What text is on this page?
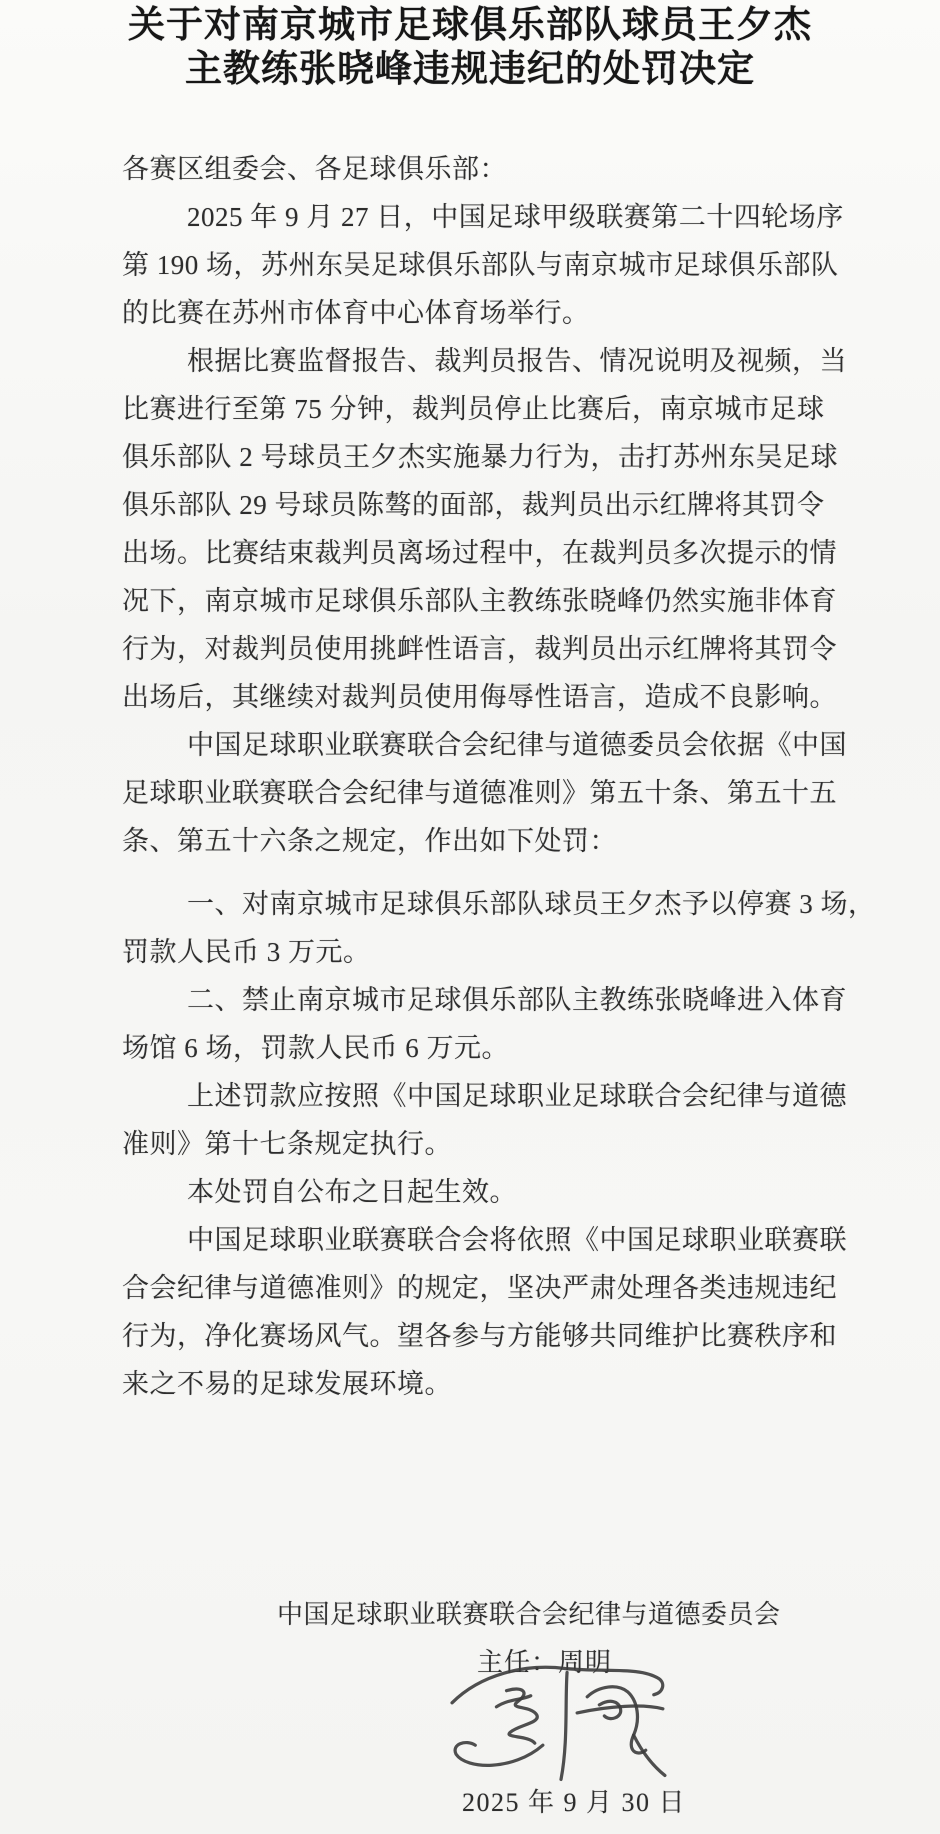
关于对南京城市足球俱乐部队球员王夕杰
主教练张晓峰违规违纪的处罚决定
各赛区组委会、各足球俱乐部：
2025 年 9 月 27 日，中国足球甲级联赛第二十四轮场序
第 190 场，苏州东吴足球俱乐部队与南京城市足球俱乐部队
的比赛在苏州市体育中心体育场举行。
根据比赛监督报告、裁判员报告、情况说明及视频，当
比赛进行至第 75 分钟，裁判员停止比赛后，南京城市足球
俱乐部队 2 号球员王夕杰实施暴力行为，击打苏州东吴足球
俱乐部队 29 号球员陈骜的面部，裁判员出示红牌将其罚令
出场。比赛结束裁判员离场过程中，在裁判员多次提示的情
况下，南京城市足球俱乐部队主教练张晓峰仍然实施非体育
行为，对裁判员使用挑衅性语言，裁判员出示红牌将其罚令
出场后，其继续对裁判员使用侮辱性语言，造成不良影响。
中国足球职业联赛联合会纪律与道德委员会依据《中国
足球职业联赛联合会纪律与道德准则》第五十条、第五十五
条、第五十六条之规定，作出如下处罚：
一、对南京城市足球俱乐部队球员王夕杰予以停赛 3 场，
罚款人民币 3 万元。
二、禁止南京城市足球俱乐部队主教练张晓峰进入体育
场馆 6 场，罚款人民币 6 万元。
上述罚款应按照《中国足球职业足球联合会纪律与道德
准则》第十七条规定执行。
本处罚自公布之日起生效。
中国足球职业联赛联合会将依照《中国足球职业联赛联
合会纪律与道德准则》的规定，坚决严肃处理各类违规违纪
行为，净化赛场风气。望各参与方能够共同维护比赛秩序和
来之不易的足球发展环境。
中国足球职业联赛联合会纪律与道德委员会
主任：周明
2025 年 9 月 30 日
